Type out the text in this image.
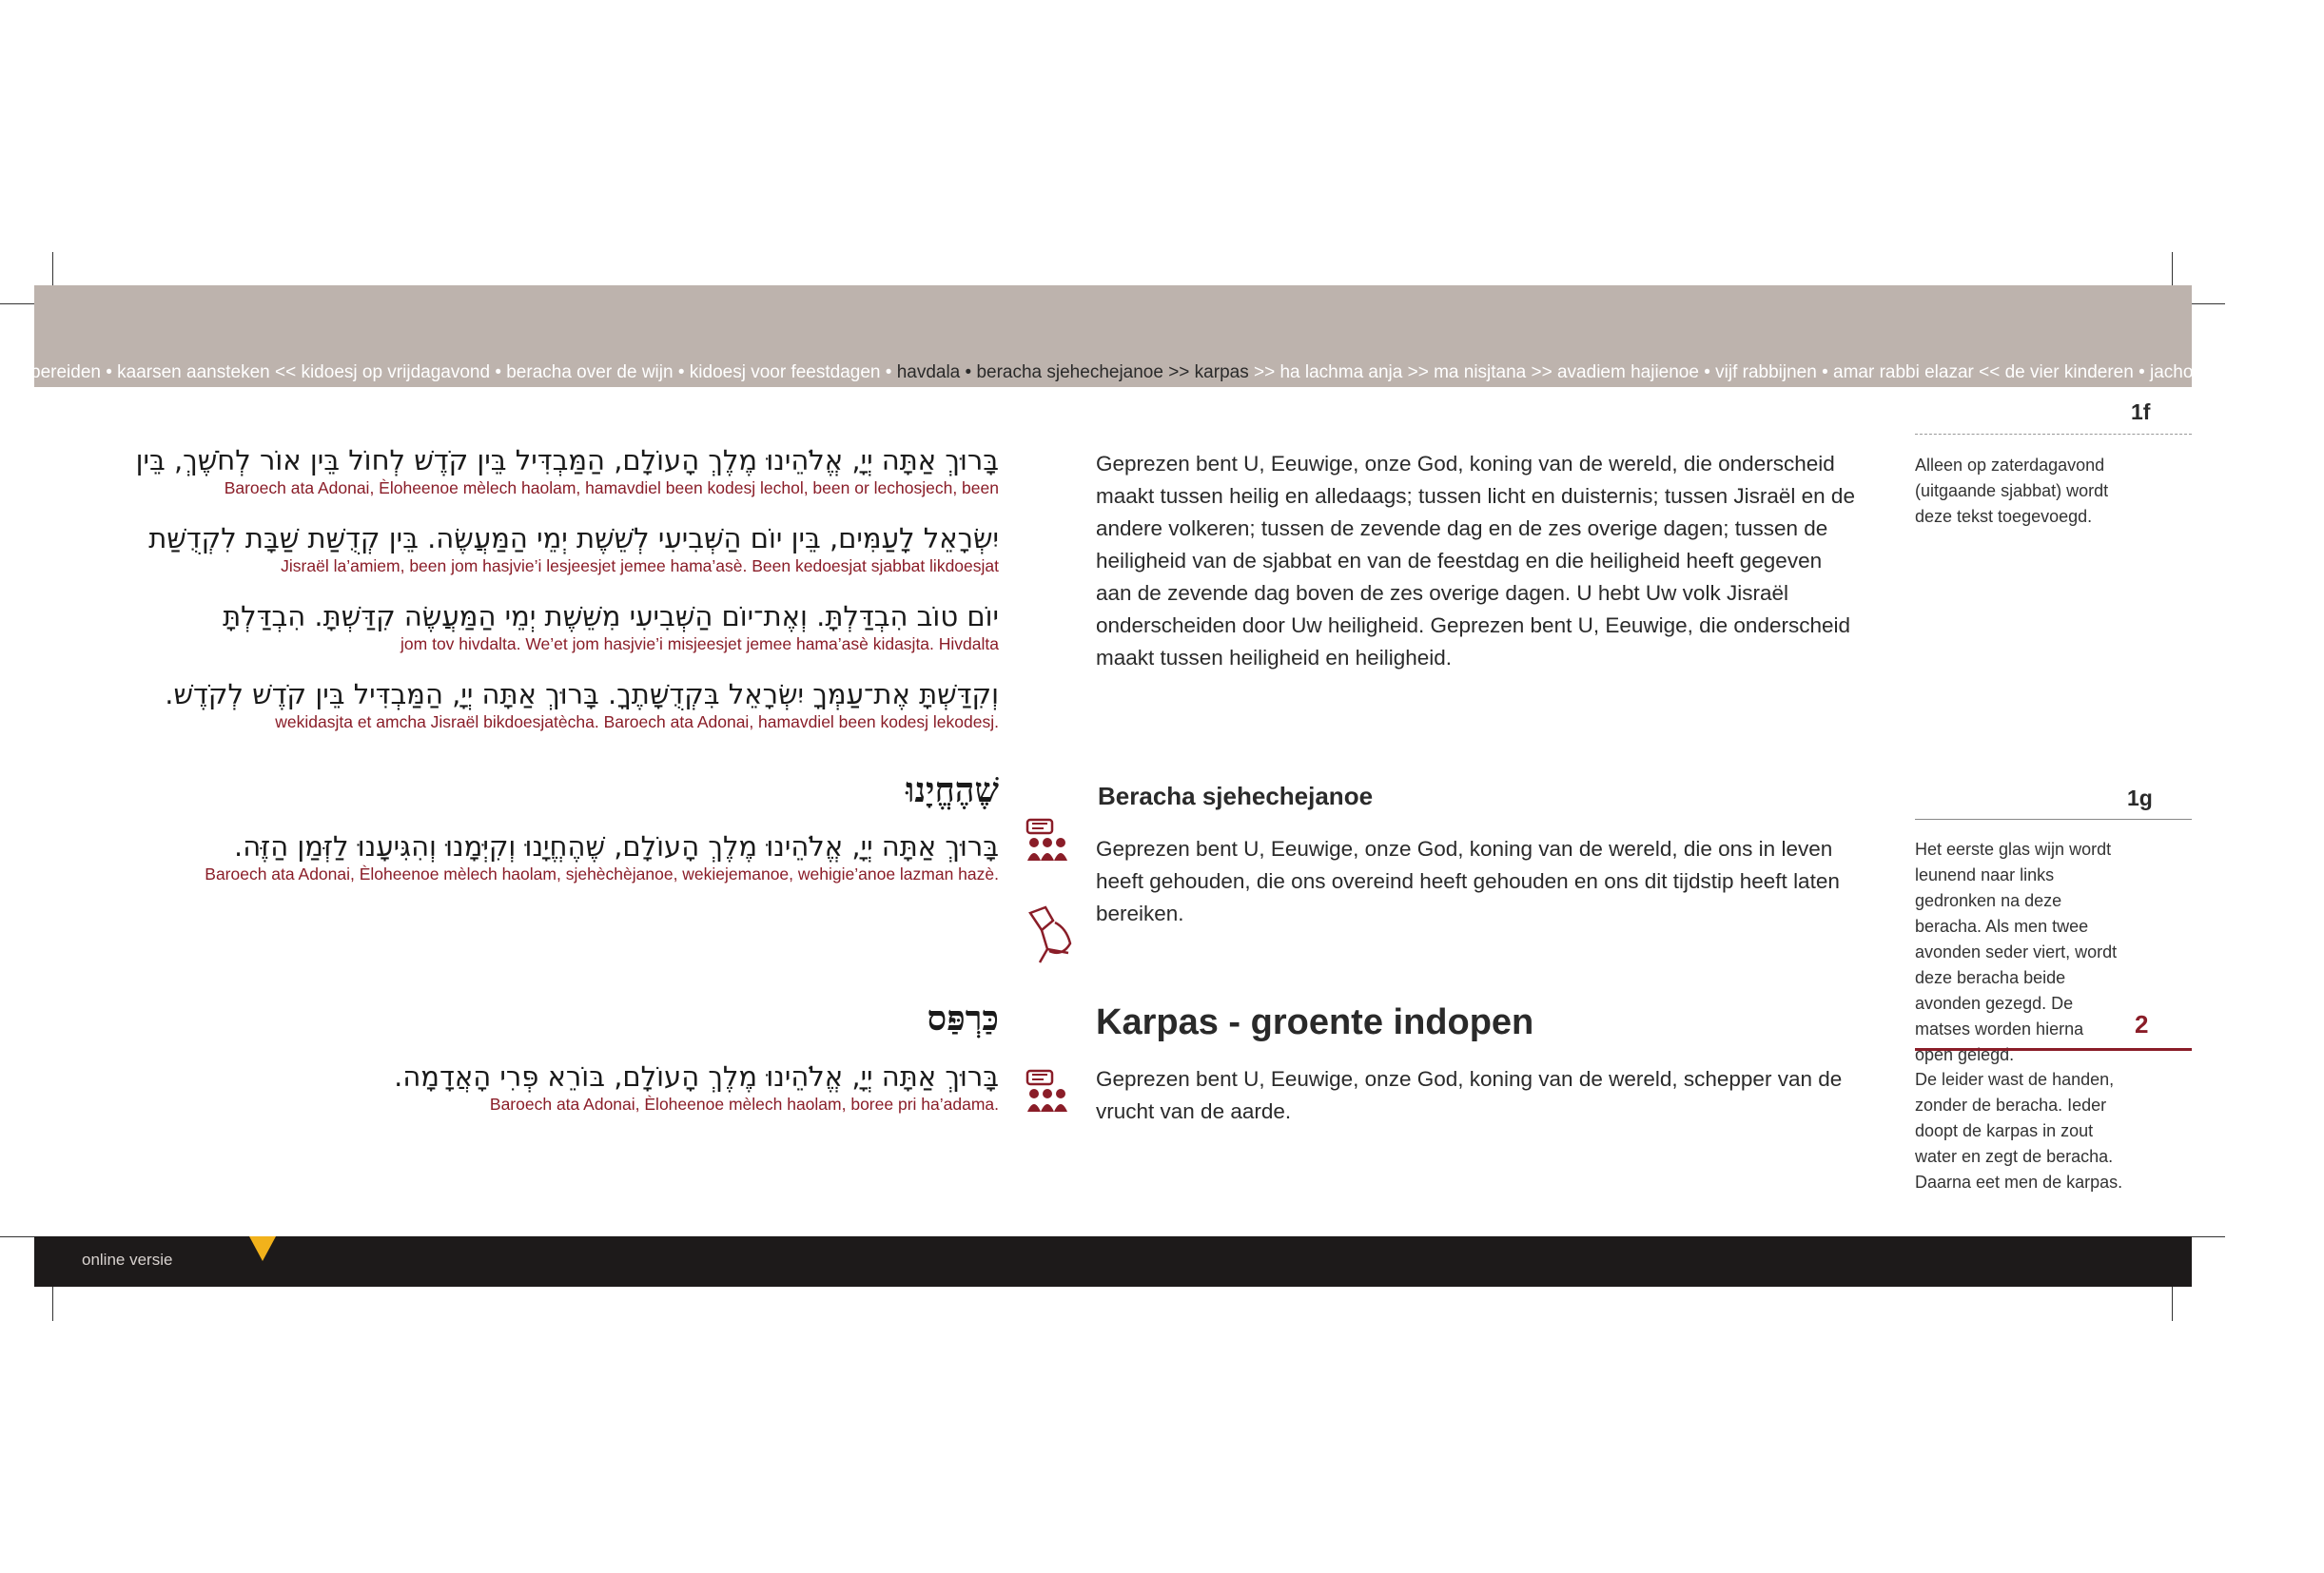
bereiden • kaarsen aansteken << kidoesj op vrijdagavond • beracha over de wijn • kidoesj voor feestdagen • havdala • beracha sjehechejanoe >> karpas >> ha lachma anja >> ma nisjtana >> avadiem hajienoe • vijf rabbijnen • amar rabbi elazar << de vier kinderen • jachol merosj chodesj
בָּרוּךְ אַתָּה יְיָ, אֱלֹהֵינוּ מֶלֶךְ הָעוֹלָם, הַמַּבְדִּיל בֵּין קֹדֶשׁ לְחוֹל בֵּין אוֹר לְחֹשֶׁךְ, בֵּין
Baroech ata Adonai, Èloheenoe mèlech haolam, hamavdiel been kodesj lechol, been or lechosjech, been
יִשְׂרָאֵל לָעַמִּים, בֵּין יוֹם הַשְּׁבִיעִי לְשֵׁשֶׁת יְמֵי הַמַּעֲשֶׂה. בֵּין קְדֻשַּׁת שַׁבָּת לִקְדֻשַּׁת
Jisraël la’amiem, been jom hasjvie’i lesjeesjet jemee hama’asè. Been kedoesjat sjabbat likdoesjat
יוֹם טוֹב הִבְדַּלְתָּ. וְאֶת־יוֹם הַשְּׁבִיעִי מִשֵּׁשֶׁת יְמֵי הַמַּעֲשֶׂה קִדַּשְׁתָּ. הִבְדַּלְתָּ
jom tov hivdalta. We’et jom hasjvie’i misjeesjet jemee hama’asè kidasjta. Hivdalta
וְקִדַּשְׁתָּ אֶת־עַמְּךָ יִשְׂרָאֵל בִּקְדֻשָּׁתֶךָ. בָּרוּךְ אַתָּה יְיָ, הַמַּבְדִּיל בֵּין קֹדֶשׁ לְקֹדֶשׁ.
wekidasjta et amcha Jisraël bikdoesjatècha. Baroech ata Adonai, hamavdiel been kodesj lekodesj.
Geprezen bent U, Eeuwige, onze God, koning van de wereld, die onderscheid maakt tussen heilig en alledaags; tussen licht en duisternis; tussen Jisraël en de andere volkeren; tussen de zevende dag en de zes overige dagen; tussen de heiligheid van de sjabbat en van de feestdag en die heiligheid heeft gegeven aan de zevende dag boven de zes overige dagen. U hebt Uw volk Jisraël onderscheiden door Uw heiligheid. Geprezen bent U, Eeuwige, die onderscheid maakt tussen heiligheid en heiligheid.
1f
Alleen op zaterdagavond (uitgaande sjabbat) wordt deze tekst toegevoegd.
שֶׁהֶחֱיָנוּ
בָּרוּךְ אַתָּה יְיָ, אֱלֹהֵינוּ מֶלֶךְ הָעוֹלָם, שֶׁהֶחֱיָנוּ וְקִיְּמָנוּ וְהִגִּיעָנוּ לַזְּמַן הַזֶּה.
Baroech ata Adonai, Èloheenoe mèlech haolam, sjehèchèjanoe, wekiejemanoe, wehigie’anoe lazman hazè.
Beracha sjehechejanoe
Geprezen bent U, Eeuwige, onze God, koning van de wereld, die ons in leven heeft gehouden, die ons overeind heeft gehouden en ons dit tijdstip heeft laten bereiken.
1g
Het eerste glas wijn wordt leunend naar links gedronken na deze beracha. Als men twee avonden seder viert, wordt deze beracha beide avonden gezegd. De matses worden hierna open gelegd.
כַּרְפַּס
בָּרוּךְ אַתָּה יְיָ, אֱלֹהֵינוּ מֶלֶךְ הָעוֹלָם, בּוֹרֵא פְּרִי הָאֲדָמָה.
Baroech ata Adonai, Èloheenoe mèlech haolam, boree pri ha’adama.
Karpas - groente indopen
Geprezen bent U, Eeuwige, onze God, koning van de wereld, schepper van de vrucht van de aarde.
2
De leider wast de handen, zonder de beracha. Ieder doopt de karpas in zout water en zegt de beracha. Daarna eet men de karpas.
online versie
